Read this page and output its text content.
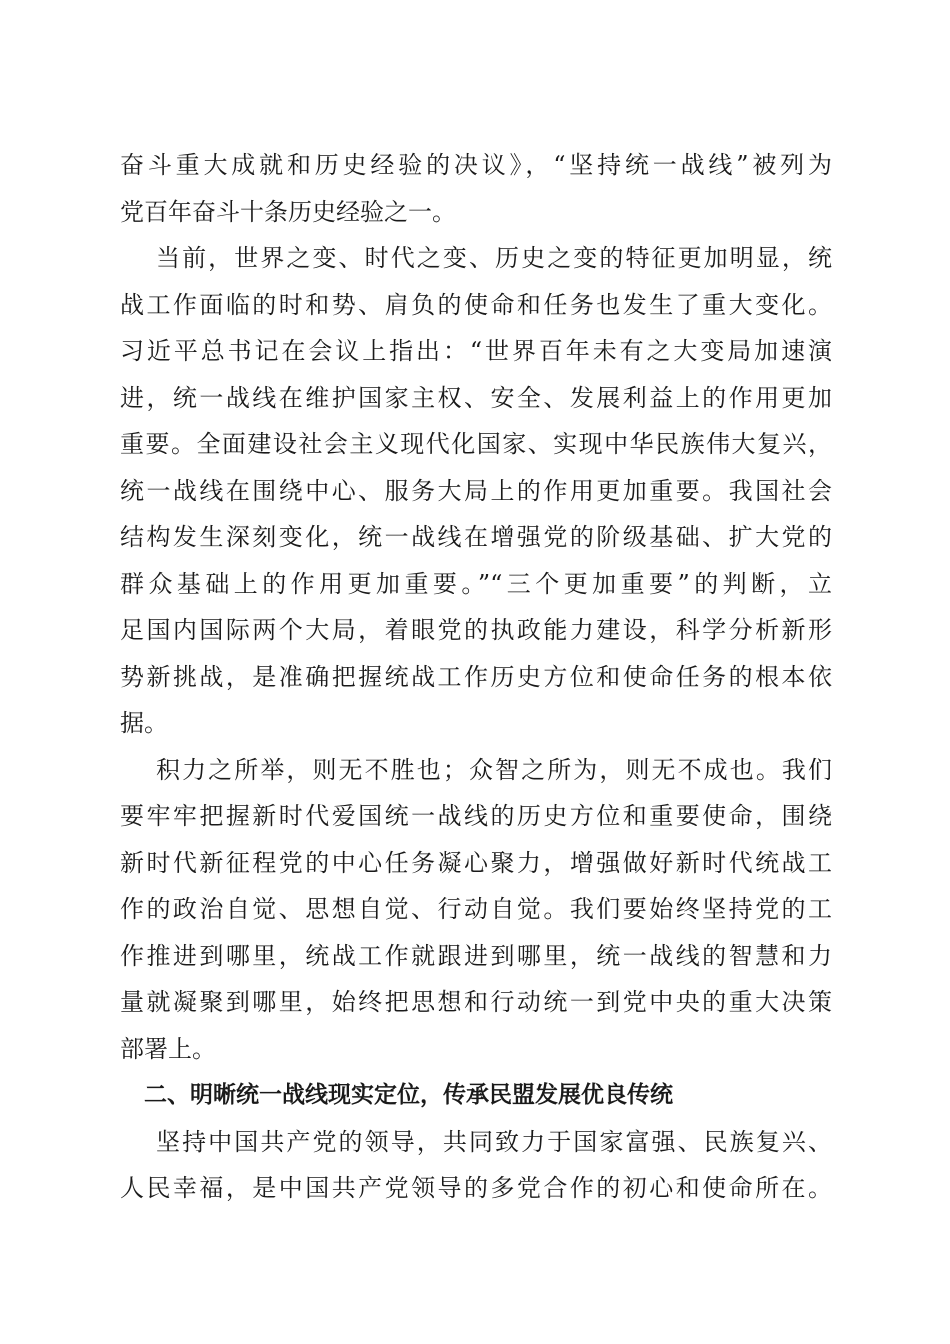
奋斗重大成就和历史经验的决议》，“坚持统一战线”被列为
党百年奋斗十条历史经验之一。
当前，世界之变、时代之变、历史之变的特征更加明显，统
战工作面临的时和势、肩负的使命和任务也发生了重大变化。
习近平总书记在会议上指出：“世界百年未有之大变局加速演
进，统一战线在维护国家主权、安全、发展利益上的作用更加
重要。全面建设社会主义现代化国家、实现中华民族伟大复兴，
统一战线在围绕中心、服务大局上的作用更加重要。我国社会
结构发生深刻变化，统一战线在增强党的阶级基础、扩大党的
群众基础上的作用更加重要。”“三个更加重要”的判断，立
足国内国际两个大局，着眼党的执政能力建设，科学分析新形
势新挑战，是准确把握统战工作历史方位和使命任务的根本依
据。
积力之所举，则无不胜也；众智之所为，则无不成也。我们
要牢牢把握新时代爱国统一战线的历史方位和重要使命，围绕
新时代新征程党的中心任务凝心聚力，增强做好新时代统战工
作的政治自觉、思想自觉、行动自觉。我们要始终坚持党的工
作推进到哪里，统战工作就跟进到哪里，统一战线的智慧和力
量就凝聚到哪里，始终把思想和行动统一到党中央的重大决策
部署上。
二、明晰统一战线现实定位，传承民盟发展优良传统
坚持中国共产党的领导，共同致力于国家富强、民族复兴、
人民幸福，是中国共产党领导的多党合作的初心和使命所在。
